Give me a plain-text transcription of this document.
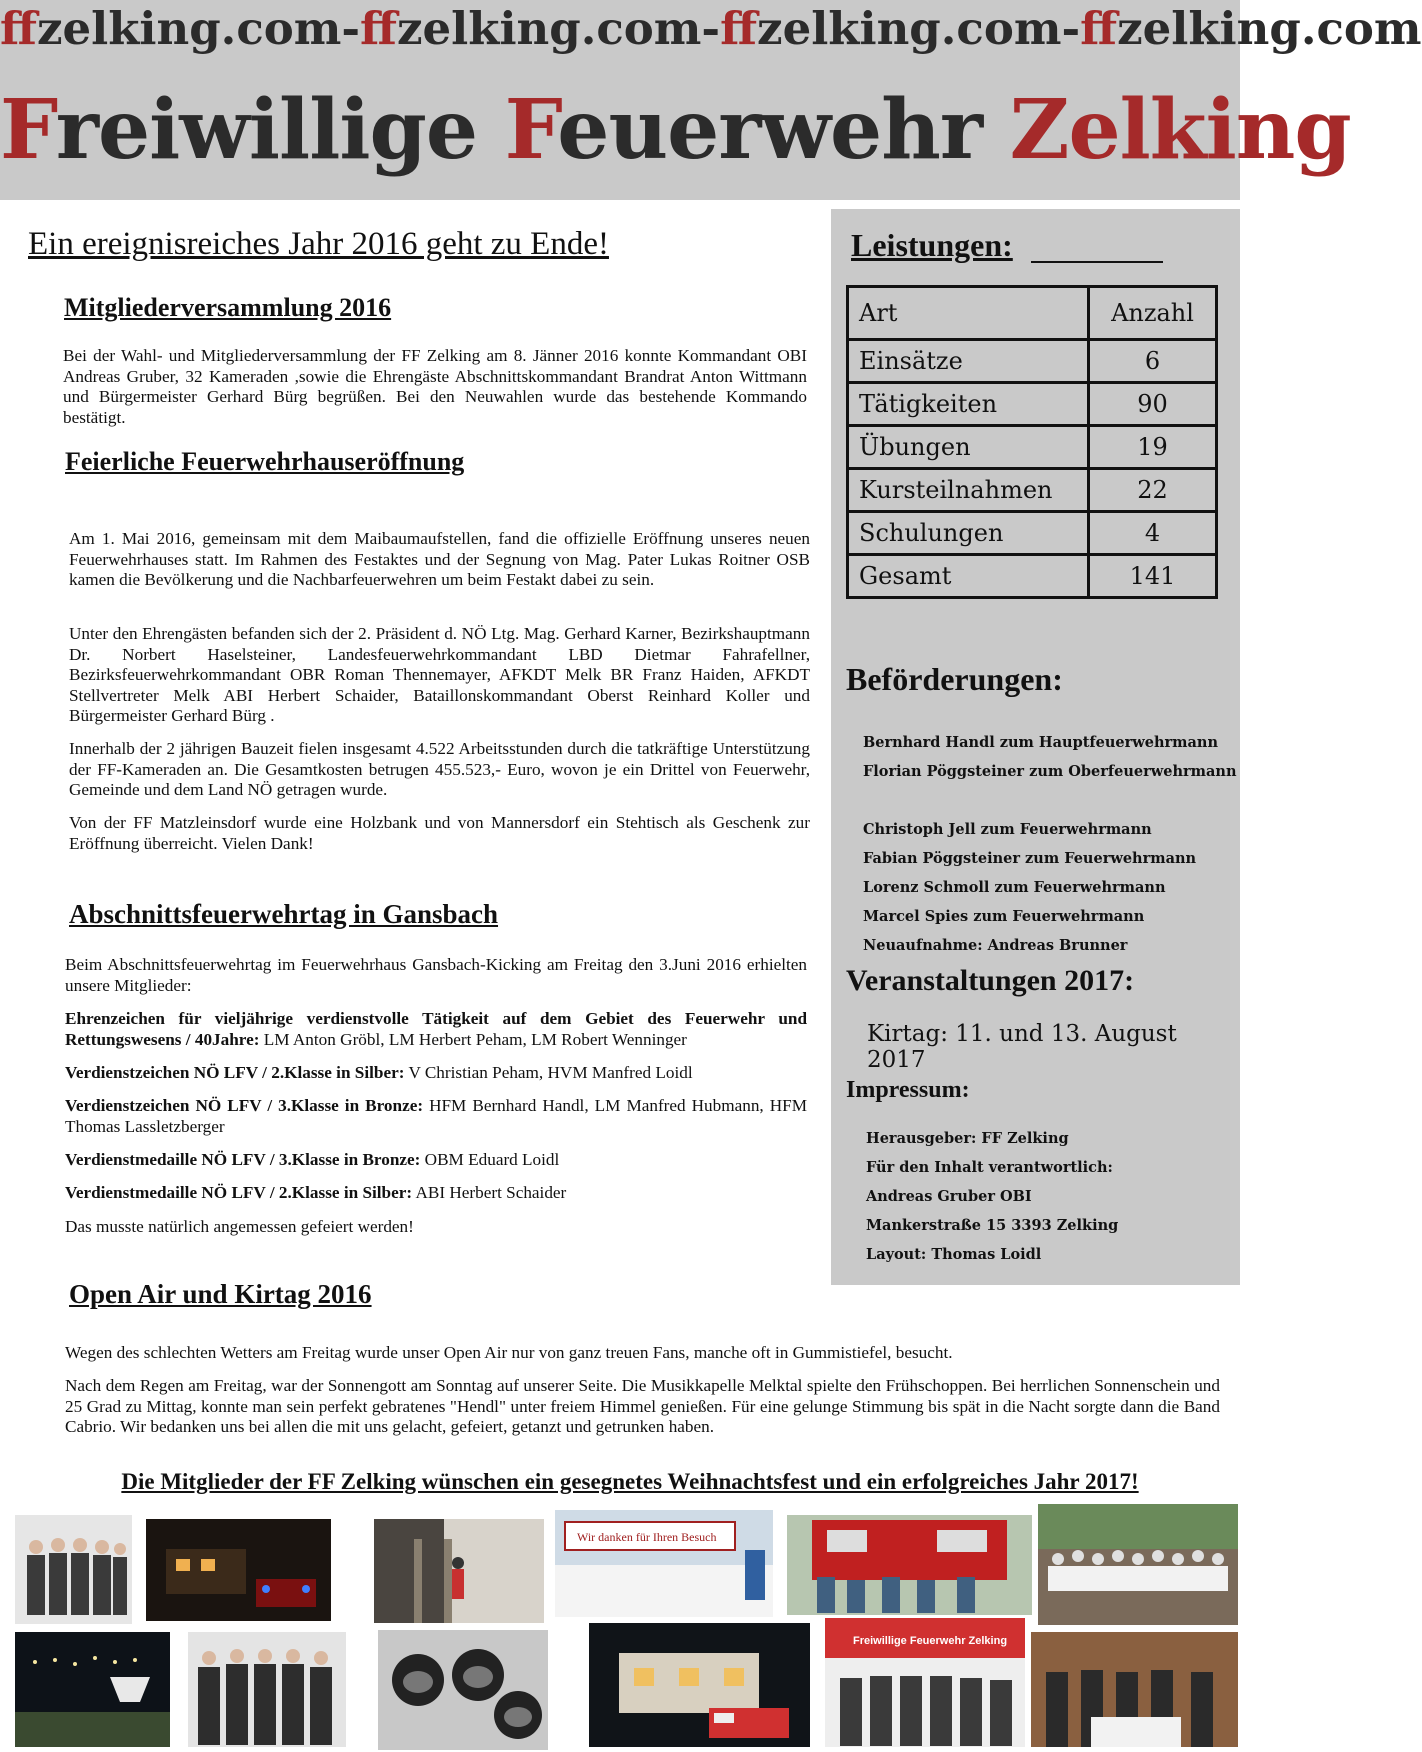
ffzelking.com-ffzelking.com-ffzelking.com-ffzelking.com
Freiwillige Feuerwehr Zelking
Ein ereignisreiches Jahr 2016 geht zu Ende!
Mitgliederversammlung 2016
Bei der Wahl- und Mitgliederversammlung der FF Zelking am 8. Jänner 2016 konnte Kommandant OBI Andreas Gruber, 32 Kameraden ,sowie die Ehrengäste Abschnittskommandant Brandrat Anton Wittmann und Bürgermeister Gerhard Bürg begrüßen. Bei den Neuwahlen wurde das bestehende Kommando bestätigt.
Feierliche Feuerwehrhauseröffnung
Am 1. Mai 2016, gemeinsam mit dem Maibaumaufstellen, fand die offizielle Eröffnung unseres neuen Feuerwehrhauses statt. Im Rahmen des Festaktes und der Segnung von Mag. Pater Lukas Roitner OSB kamen die Bevölkerung und die Nachbarfeuerwehren um beim Festakt dabei zu sein.
Unter den Ehrengästen befanden sich der 2. Präsident d. NÖ Ltg. Mag. Gerhard Karner, Bezirkshauptmann Dr. Norbert Haselsteiner, Landesfeuerwehrkommandant LBD Dietmar Fahrafellner, Bezirksfeuerwehrkommandant OBR Roman Thennemayer, AFKDT Melk BR Franz Haiden, AFKDT Stellvertreter Melk ABI Herbert Schaider, Bataillonskommandant Oberst Reinhard Koller und Bürgermeister Gerhard Bürg .
Innerhalb der 2 jährigen Bauzeit fielen insgesamt 4.522 Arbeitsstunden durch die tatkräftige Unterstützung der FF-Kameraden an. Die Gesamtkosten betrugen 455.523,- Euro, wovon je ein Drittel von Feuerwehr, Gemeinde und dem Land NÖ getragen wurde.
Von der FF Matzleinsdorf wurde eine Holzbank und von Mannersdorf ein Stehtisch als Geschenk zur Eröffnung überreicht. Vielen Dank!
Abschnittsfeuerwehrtag in Gansbach
Beim Abschnittsfeuerwehrtag im Feuerwehrhaus Gansbach-Kicking am Freitag den 3.Juni 2016 erhielten unsere Mitglieder:
Ehrenzeichen für vieljährige verdienstvolle Tätigkeit auf dem Gebiet des Feuerwehr und Rettungswesens / 40Jahre: LM Anton Gröbl, LM Herbert Peham, LM Robert Wenninger
Verdienstzeichen NÖ LFV / 2.Klasse in Silber: V Christian Peham, HVM Manfred Loidl
Verdienstzeichen NÖ LFV / 3.Klasse in Bronze: HFM Bernhard Handl, LM Manfred Hubmann, HFM Thomas Lassletzberger
Verdienstmedaille NÖ LFV / 3.Klasse in Bronze: OBM Eduard Loidl
Verdienstmedaille NÖ LFV / 2.Klasse in Silber: ABI Herbert Schaider
Das musste natürlich angemessen gefeiert werden!
Open Air und Kirtag 2016
Wegen des schlechten Wetters am Freitag wurde unser Open Air nur von ganz treuen Fans, manche oft in Gummistiefel, besucht.
Nach dem Regen am Freitag, war der Sonnengott am Sonntag auf unserer Seite. Die Musikkapelle Melktal spielte den Frühschoppen. Bei herrlichen Sonnenschein und 25 Grad zu Mittag, konnte man sein perfekt gebratenes "Hendl" unter freiem Himmel genießen. Für eine gelunge Stimmung bis spät in die Nacht sorgte dann die Band Cabrio. Wir bedanken uns bei allen die mit uns gelacht, gefeiert, getanzt und getrunken haben.
Die Mitglieder der FF Zelking wünschen ein gesegnetes Weihnachtsfest und ein erfolgreiches Jahr 2017!
Leistungen:
Art	Anzahl
Einsätze	6
Tätigkeiten	90
Übungen	19
Kursteilnahmen	22
Schulungen	4
Gesamt	141
Beförderungen:
Bernhard Handl zum Hauptfeuerwehrmann
Florian Pöggsteiner zum Oberfeuerwehrmann
Christoph Jell zum Feuerwehrmann
Fabian Pöggsteiner zum Feuerwehrmann
Lorenz Schmoll zum Feuerwehrmann
Marcel Spies zum Feuerwehrmann
Neuaufnahme: Andreas Brunner
Veranstaltungen 2017:
Kirtag: 11. und 13. August 2017
Impressum:
Herausgeber: FF Zelking
Für den Inhalt verantwortlich:
Andreas Gruber OBI
Mankerstraße 15 3393 Zelking
Layout: Thomas Loidl
Wir danken für Ihren Besuch
Freiwillige Feuerwehr Zelking
